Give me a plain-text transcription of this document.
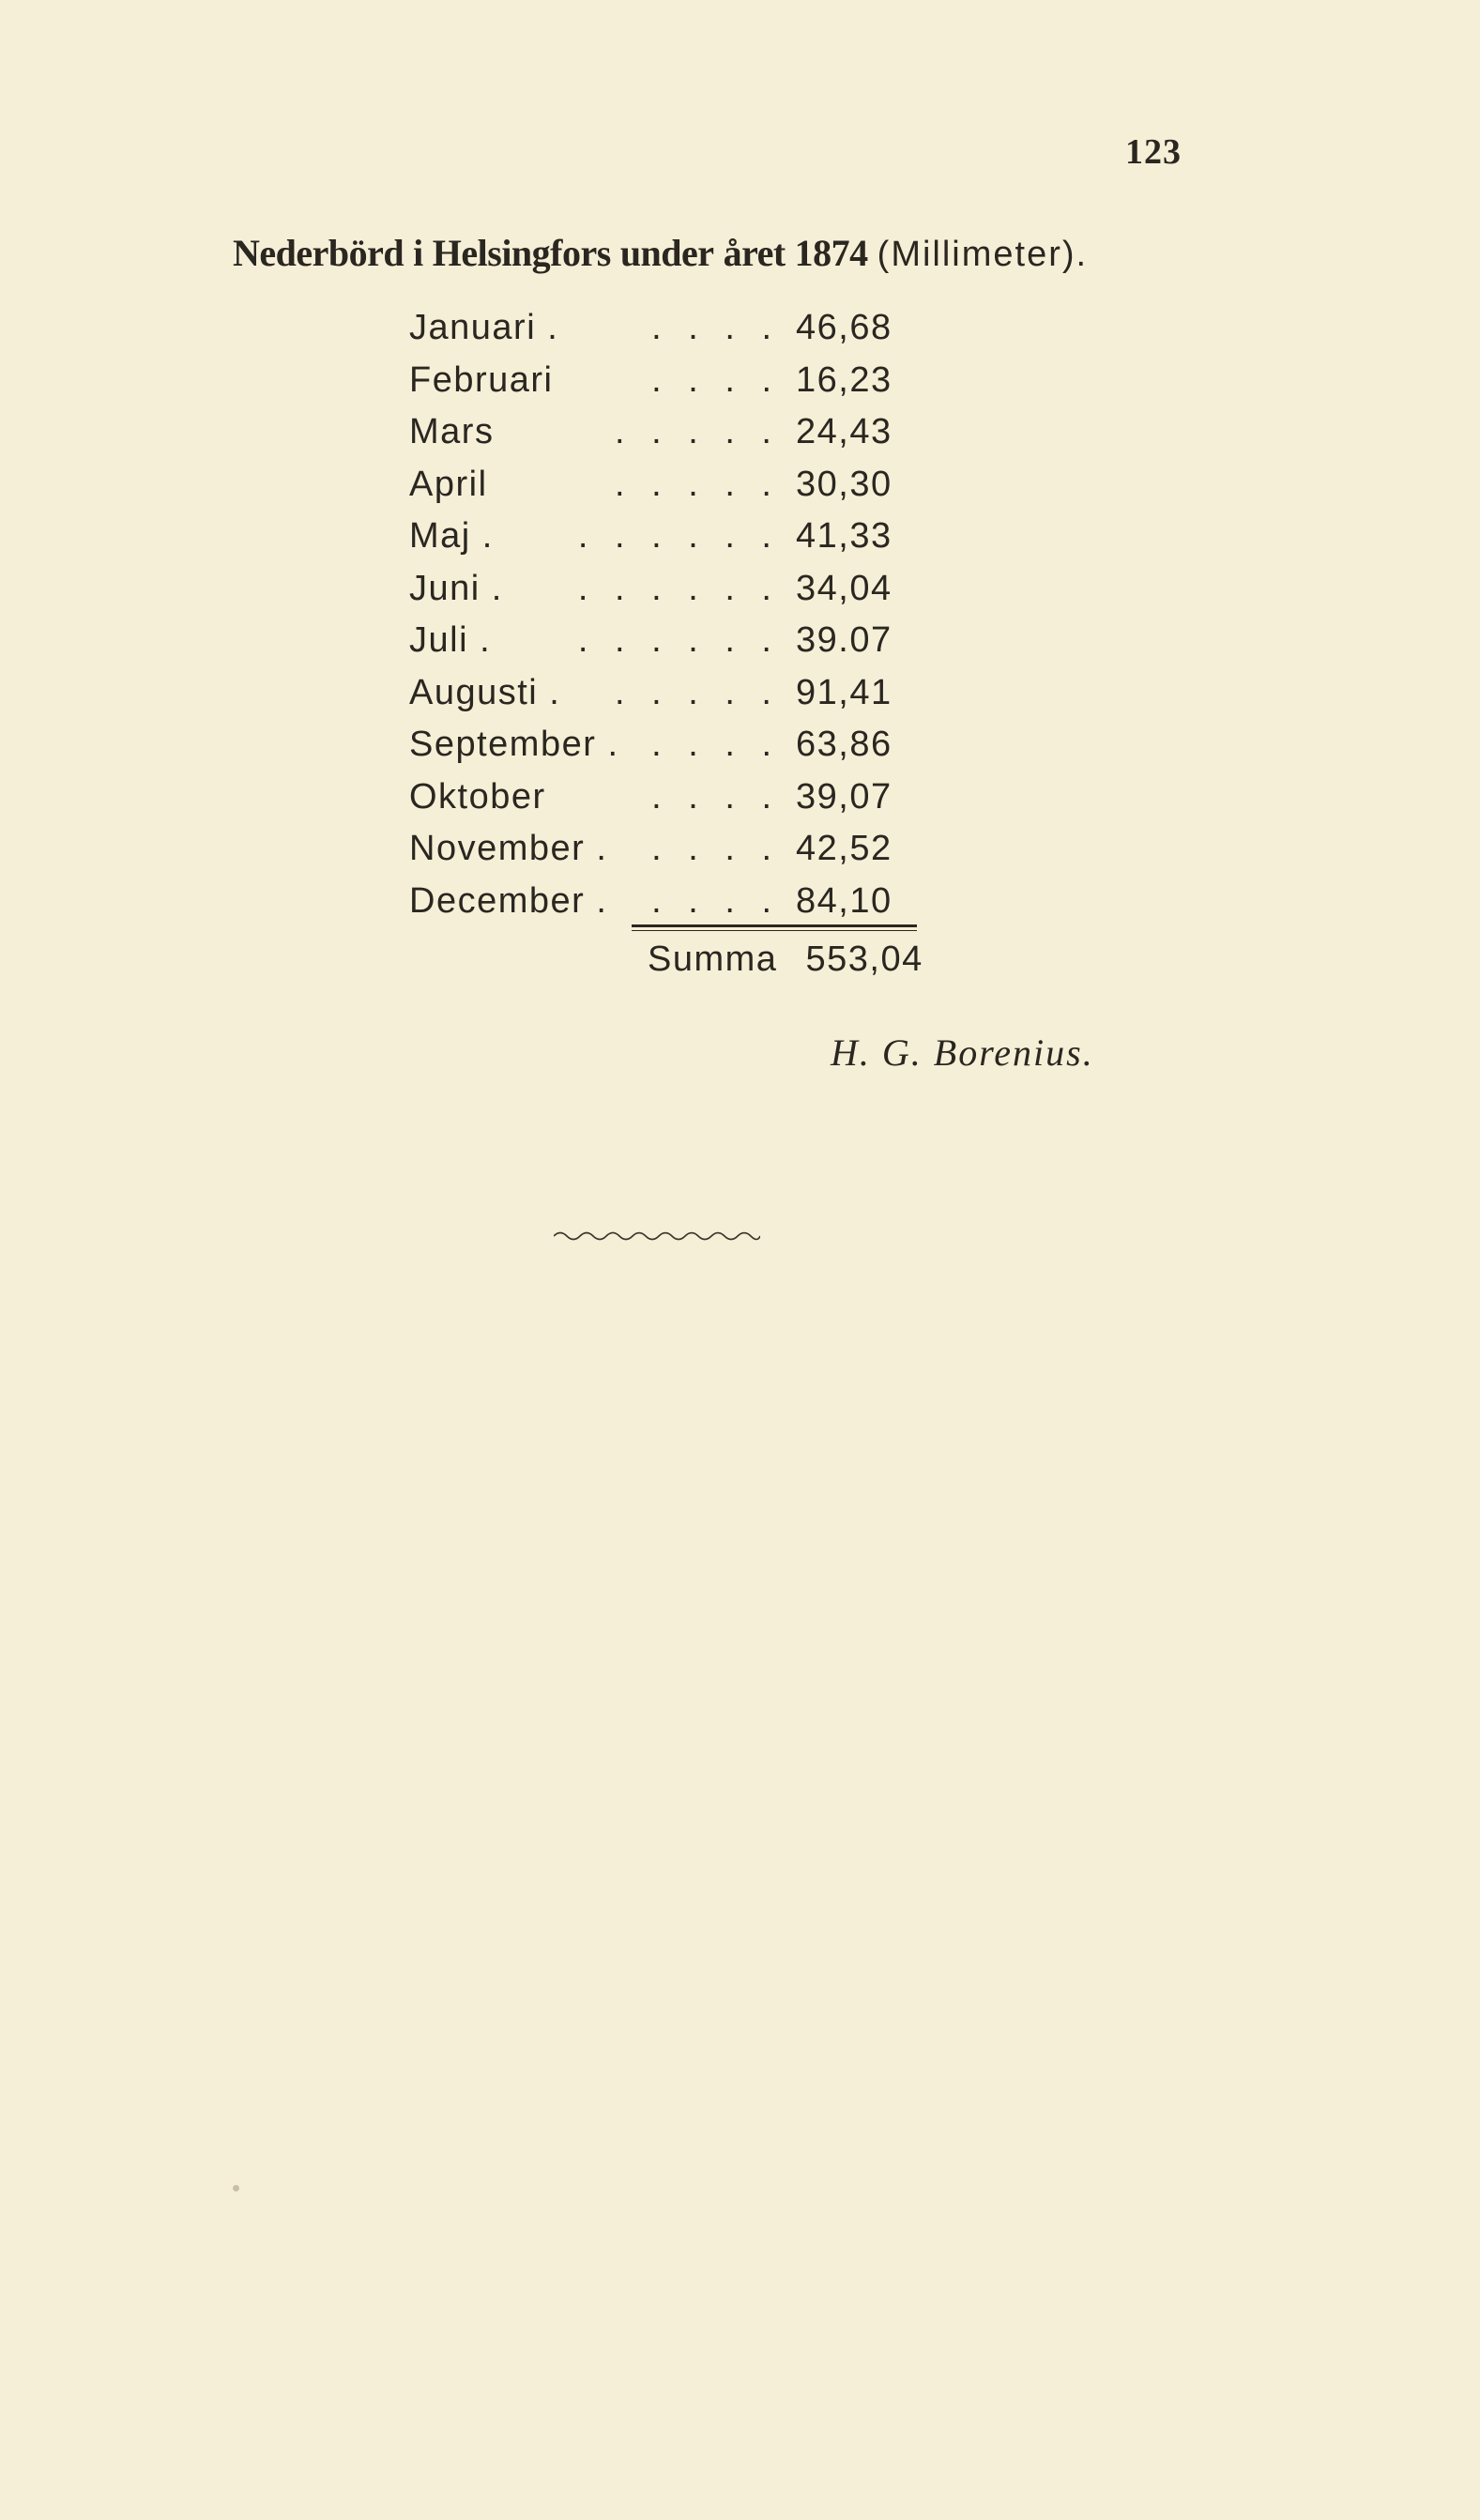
123
Nederbörd i Helsingfors under året 1874 (Millimeter).
Januari .	. . . . 46,68
Februari	. . . . 16,23
Mars	. . . . . 24,43
April	. . . . . 30,30
Maj . . . . . . . 41,33
Juni . . . . . . . 34,04
Juli . . . . . . . 39.07
Augusti . . . . . . 91,41
September . . . . . 63,86
Oktober	. . . . 39,07
November . . . . . 42,52
December . . . . . 84,10
Summa 553,04
H. G. Borenius.
